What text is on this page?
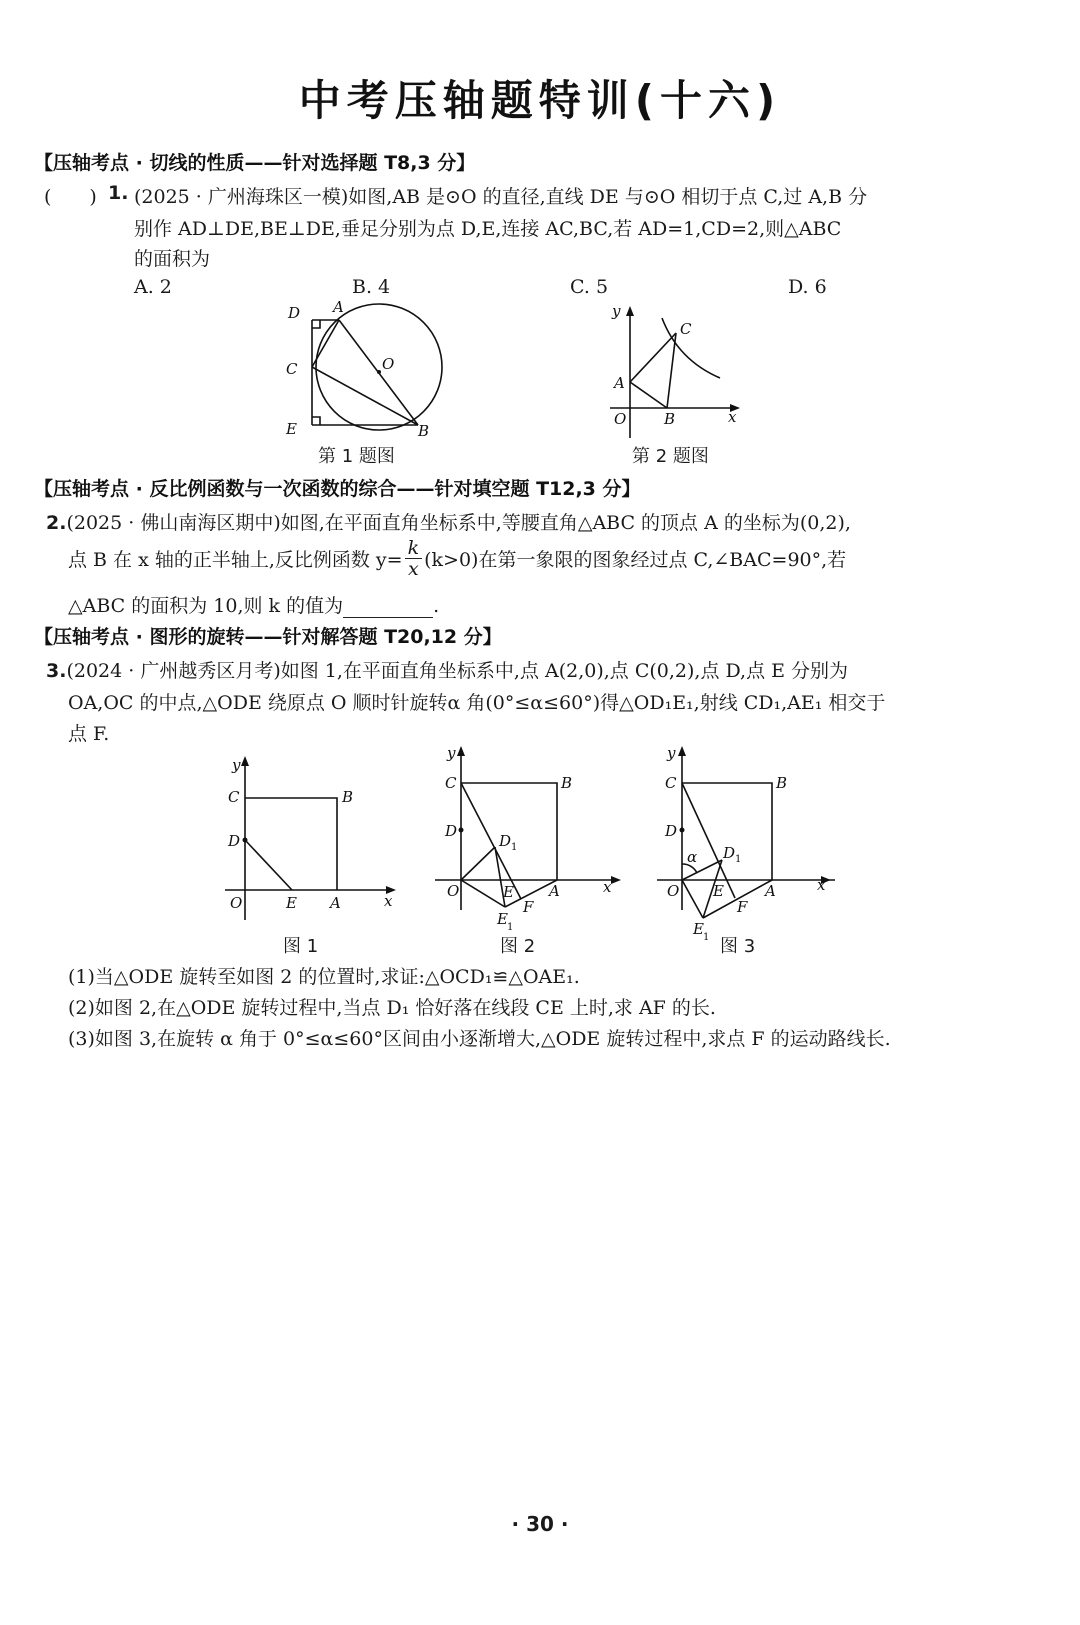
中考压轴题特训(十六)
【压轴考点 · 切线的性质——针对选择题 T8,3 分】
(　　) 1. (2025 · 广州海珠区一模)如图,AB 是⊙O 的直径,直线 DE 与⊙O 相切于点 C,过 A,B 分
别作 AD⊥DE,BE⊥DE,垂足分别为点 D,E,连接 AC,BC,若 AD=1,CD=2,则△ABC
的面积为
A. 2	B. 4	C. 5	D. 6
D A
C	O
E	B
第 1 题图
y
x
O
A
B
C
第 2 题图
【压轴考点 · 反比例函数与一次函数的综合——针对填空题 T12,3 分】
2.(2025 · 佛山南海区期中)如图,在平面直角坐标系中,等腰直角△ABC 的顶点 A 的坐标为(0,2),
点 B 在 x 轴的正半轴上,反比例函数 $y= \frac{k}{x} (k>0)$在第一象限的图象经过点 C,∠BAC=90°,若
△ABC 的面积为 10,则 k 的值为	.
【压轴考点 · 图形的旋转——针对解答题 T20,12 分】
3.(2024 · 广州越秀区月考)如图 1,在平面直角坐标系中,点 A(2,0),点 C(0,2),点 D,点 E 分别为
OA,OC 的中点,△ODE 绕原点 O 顺时针旋转α 角(0°≤α≤60°)得△OD₁E₁,射线 CD₁,AE₁ 相交于
点 F.
y
C	B
D
O	E A	x
图 1
y
C	B
D
D 1
O	E A	x
F
E 1
图 2
y
C	B
D
α D 1
O E	A	x
F
E 1 图 3
(1)当△ODE 旋转至如图 2 的位置时,求证:△OCD₁≌△OAE₁.
(2)如图 2,在△ODE 旋转过程中,当点 D₁ 恰好落在线段 CE 上时,求 AF 的长.
(3)如图 3,在旋转 α 角于 0°≤α≤60°区间由小逐渐增大,△ODE 旋转过程中,求点 F 的运动路线长.
· 30 ·
